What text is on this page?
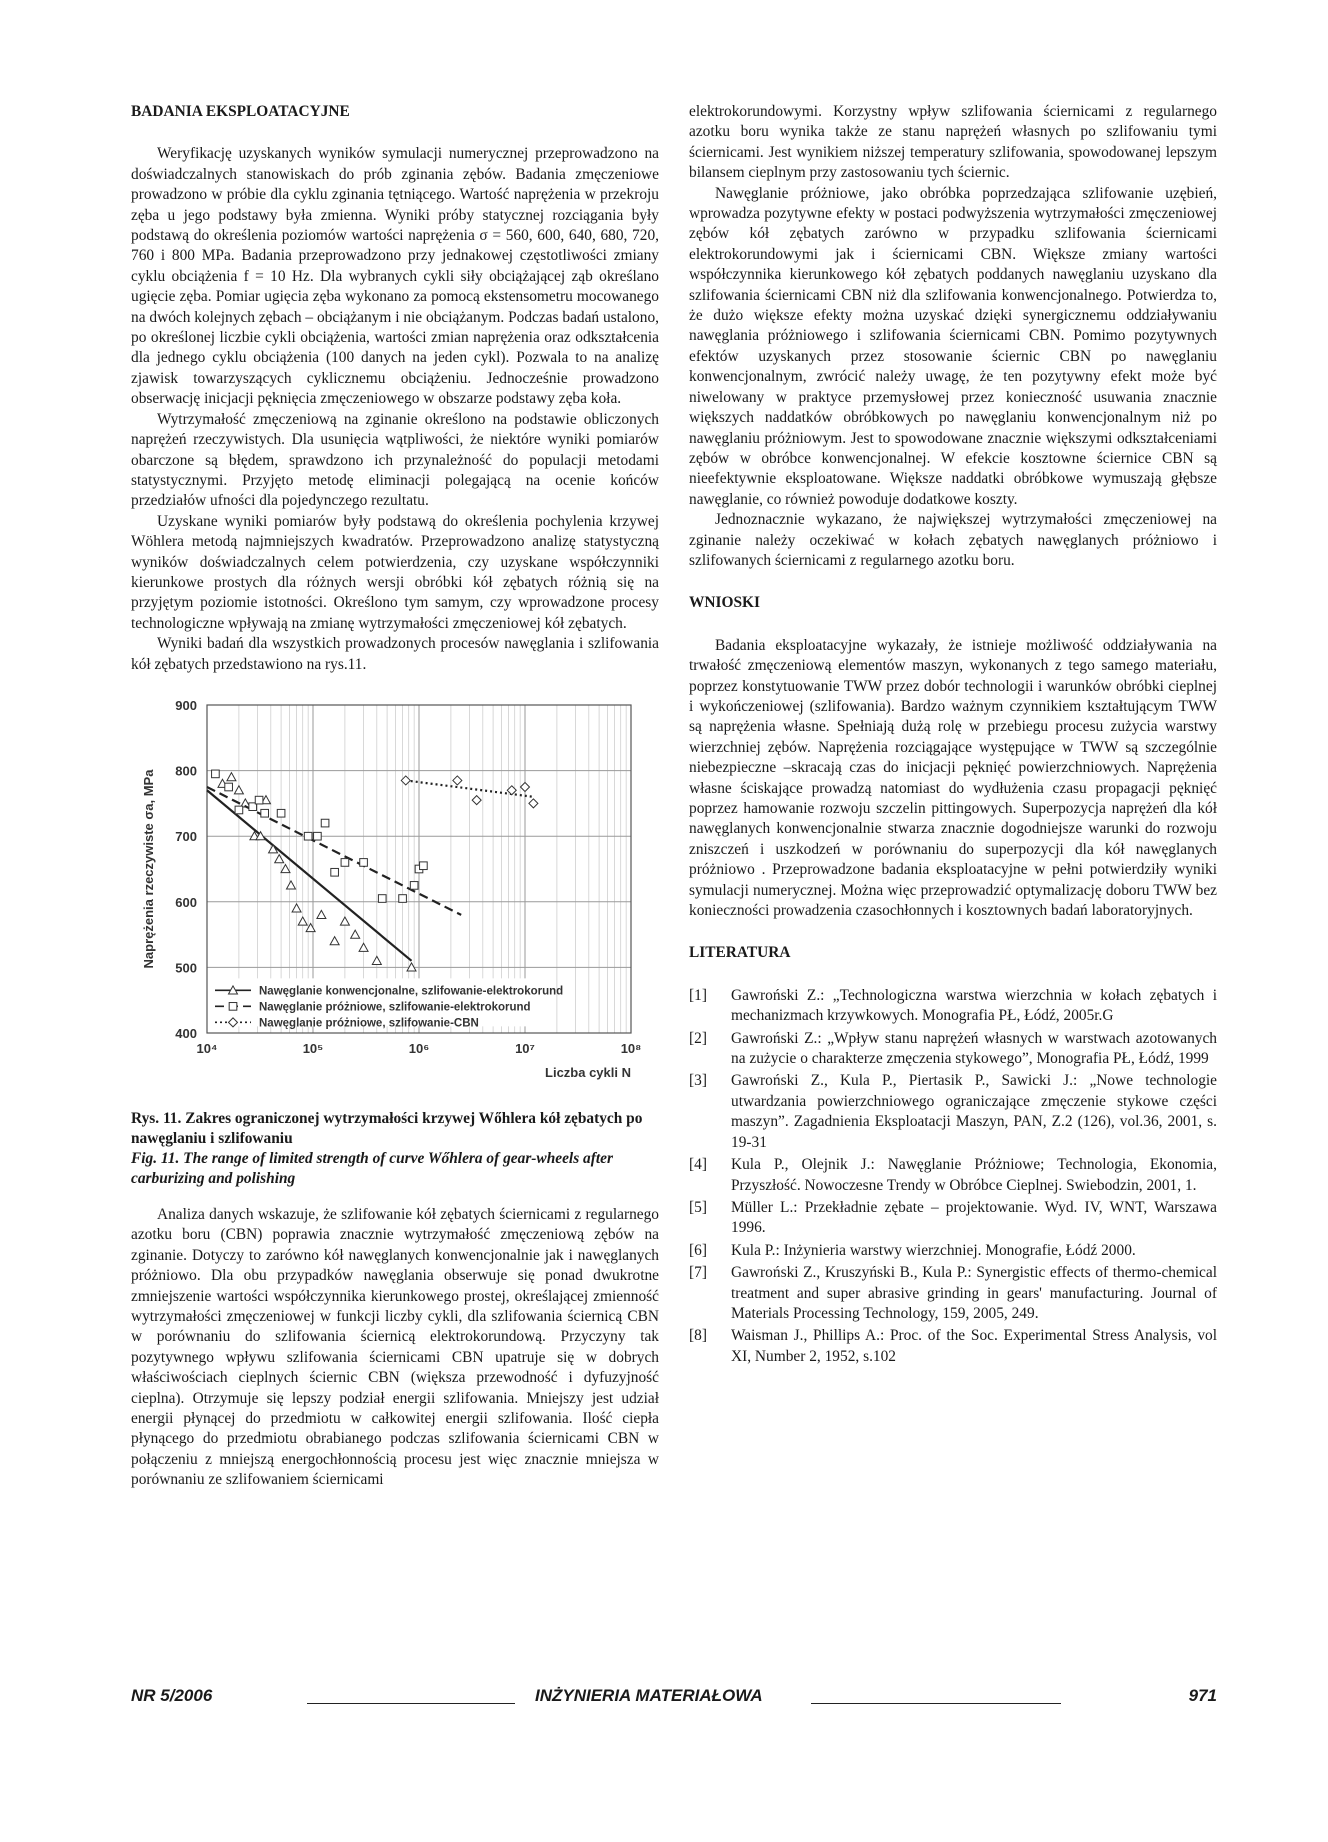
BADANIA EKSPLOATACYJNE

Weryfikację uzyskanych wyników symulacji numerycznej przeprowadzono na doświadczalnych stanowiskach do prób zginania zębów. Badania zmęczeniowe prowadzono w próbie dla cyklu zginania tętniącego. Wartość naprężenia w przekroju zęba u jego podstawy była zmienna. Wyniki próby statycznej rozciągania były podstawą do określenia poziomów wartości naprężenia σ = 560, 600, 640, 680, 720, 760 i 800 MPa. Badania przeprowadzono przy jednakowej częstotliwości zmiany cyklu obciążenia f = 10 Hz. Dla wybranych cykli siły obciążającej ząb określano ugięcie zęba. Pomiar ugięcia zęba wykonano za pomocą ekstensometru mocowanego na dwóch kolejnych zębach – obciążanym i nie obciążanym. Podczas badań ustalono, po określonej liczbie cykli obciążenia, wartości zmian naprężenia oraz odkształcenia dla jednego cyklu obciążenia (100 danych na jeden cykl). Pozwala to na analizę zjawisk towarzyszących cyklicznemu obciążeniu. Jednocześnie prowadzono obserwację inicjacji pęknięcia zmęczeniowego w obszarze podstawy zęba koła.

Wytrzymałość zmęczeniową na zginanie określono na podstawie obliczonych naprężeń rzeczywistych. Dla usunięcia wątpliwości, że niektóre wyniki pomiarów obarczone są błędem, sprawdzono ich przynależność do populacji metodami statystycznymi. Przyjęto metodę eliminacji polegającą na ocenie końców przedziałów ufności dla pojedynczego rezultatu.

Uzyskane wyniki pomiarów były podstawą do określenia pochylenia krzywej Wöhlera metodą najmniejszych kwadratów. Przeprowadzono analizę statystyczną wyników doświadczalnych celem potwierdzenia, czy uzyskane współczynniki kierunkowe prostych dla różnych wersji obróbki kół zębatych różnią się na przyjętym poziomie istotności. Określono tym samym, czy wprowadzone procesy technologiczne wpływają na zmianę wytrzymałości zmęczeniowej kół zębatych.

Wyniki badań dla wszystkich prowadzonych procesów nawęglania i szlifowania kół zębatych przedstawiono na rys.11.

400
500
600
700
800
900
10⁴	10⁵	10⁶	10⁷	10⁸
Liczba cykli N
Naprężenia rzeczywiste σa, MPa
Nawęglanie konwencjonalne, szlifowanie-elektrokorund
Nawęglanie próżniowe, szlifowanie-elektrokorund
Nawęglanie próżniowe, szlifowanie-CBN
Rys. 11. Zakres ograniczonej wytrzymałości krzywej Wőhlera kół zębatych po nawęglaniu i szlifowaniu
Fig. 11. The range of limited strength of curve Wőhlera of gear-wheels after carburizing and polishing

Analiza danych wskazuje, że szlifowanie kół zębatych ściernicami z regularnego azotku boru (CBN) poprawia znacznie wytrzymałość zmęczeniową zębów na zginanie. Dotyczy to zarówno kół nawęglanych konwencjonalnie jak i nawęglanych próżniowo. Dla obu przypadków nawęglania obserwuje się ponad dwukrotne zmniejszenie wartości współczynnika kierunkowego prostej, określającej zmienność wytrzymałości zmęczeniowej w funkcji liczby cykli, dla szlifowania ściernicą CBN w porównaniu do szlifowania ściernicą elektrokorundową. Przyczyny tak pozytywnego wpływu szlifowania ściernicami CBN upatruje się w dobrych właściwościach cieplnych ściernic CBN (większa przewodność i dyfuzyjność cieplna). Otrzymuje się lepszy podział energii szlifowania. Mniejszy jest udział energii płynącej do przedmiotu w całkowitej energii szlifowania. Ilość ciepła płynącego do przedmiotu obrabianego podczas szlifowania ściernicami CBN w połączeniu z mniejszą energochłonnością procesu jest więc znacznie mniejsza w porównaniu ze szlifowaniem ściernicami

elektrokorundowymi. Korzystny wpływ szlifowania ściernicami z regularnego azotku boru wynika także ze stanu naprężeń własnych po szlifowaniu tymi ściernicami. Jest wynikiem niższej temperatury szlifowania, spowodowanej lepszym bilansem cieplnym przy zastosowaniu tych ściernic.

Nawęglanie próżniowe, jako obróbka poprzedzająca szlifowanie uzębień, wprowadza pozytywne efekty w postaci podwyższenia wytrzymałości zmęczeniowej zębów kół zębatych zarówno w przypadku szlifowania ściernicami elektrokorundowymi jak i ściernicami CBN. Większe zmiany wartości współczynnika kierunkowego kół zębatych poddanych nawęglaniu uzyskano dla szlifowania ściernicami CBN niż dla szlifowania konwencjonalnego. Potwierdza to, że dużo większe efekty można uzyskać dzięki synergicznemu oddziaływaniu nawęglania próżniowego i szlifowania ściernicami CBN. Pomimo pozytywnych efektów uzyskanych przez stosowanie ściernic CBN po nawęglaniu konwencjonalnym, zwrócić należy uwagę, że ten pozytywny efekt może być niwelowany w praktyce przemysłowej przez konieczność usuwania znacznie większych naddatków obróbkowych po nawęglaniu konwencjonalnym niż po nawęglaniu próżniowym. Jest to spowodowane znacznie większymi odkształceniami zębów w obróbce konwencjonalnej. W efekcie kosztowne ściernice CBN są nieefektywnie eksploatowane. Większe naddatki obróbkowe wymuszają głębsze nawęglanie, co również powoduje dodatkowe koszty.

Jednoznacznie wykazano, że największej wytrzymałości zmęczeniowej na zginanie należy oczekiwać w kołach zębatych nawęglanych próżniowo i szlifowanych ściernicami z regularnego azotku boru.

WNIOSKI

Badania eksploatacyjne wykazały, że istnieje możliwość oddziaływania na trwałość zmęczeniową elementów maszyn, wykonanych z tego samego materiału, poprzez konstytuowanie TWW przez dobór technologii i warunków obróbki cieplnej i wykończeniowej (szlifowania). Bardzo ważnym czynnikiem kształtującym TWW są naprężenia własne. Spełniają dużą rolę w przebiegu procesu zużycia warstwy wierzchniej zębów. Naprężenia rozciągające występujące w TWW są szczególnie niebezpieczne –skracają czas do inicjacji pęknięć powierzchniowych. Naprężenia własne ściskające prowadzą natomiast do wydłużenia czasu propagacji pęknięć poprzez hamowanie rozwoju szczelin pittingowych. Superpozycja naprężeń dla kół nawęglanych konwencjonalnie stwarza znacznie dogodniejsze warunki do rozwoju zniszczeń i uszkodzeń w porównaniu do superpozycji dla kół nawęglanych próżniowo . Przeprowadzone badania eksploatacyjne w pełni potwierdziły wyniki symulacji numerycznej. Można więc przeprowadzić optymalizację doboru TWW bez konieczności prowadzenia czasochłonnych i kosztownych badań laboratoryjnych.

LITERATURA
[1] Gawroński Z.: „Technologiczna warstwa wierzchnia w kołach zębatych i mechanizmach krzywkowych. Monografia PŁ, Łódź, 2005r.G
[2] Gawroński Z.: „Wpływ stanu naprężeń własnych w warstwach azotowanych na zużycie o charakterze zmęczenia stykowego”, Monografia PŁ, Łódź, 1999
[3] Gawroński Z., Kula P., Piertasik P., Sawicki J.: „Nowe technologie utwardzania powierzchniowego ograniczające zmęczenie stykowe części maszyn”. Zagadnienia Eksploatacji Maszyn, PAN, Z.2 (126), vol.36, 2001, s. 19-31
[4] Kula P., Olejnik J.: Nawęglanie Próżniowe; Technologia, Ekonomia, Przyszłość. Nowoczesne Trendy w Obróbce Cieplnej. Swiebodzin, 2001, 1.
[5] Müller L.: Przekładnie zębate – projektowanie. Wyd. IV, WNT, Warszawa 1996.
[6] Kula P.: Inżynieria warstwy wierzchniej. Monografie, Łódź 2000.
[7] Gawroński Z., Kruszyński B., Kula P.: Synergistic effects of thermo-chemical treatment and super abrasive grinding in gears' manufacturing. Journal of Materials Processing Technology, 159, 2005, 249.
[8] Waisman J., Phillips A.: Proc. of the Soc. Experimental Stress Analysis, vol XI, Number 2, 1952, s.102
NR 5/2006	INŻYNIERIA MATERIAŁOWA	971
